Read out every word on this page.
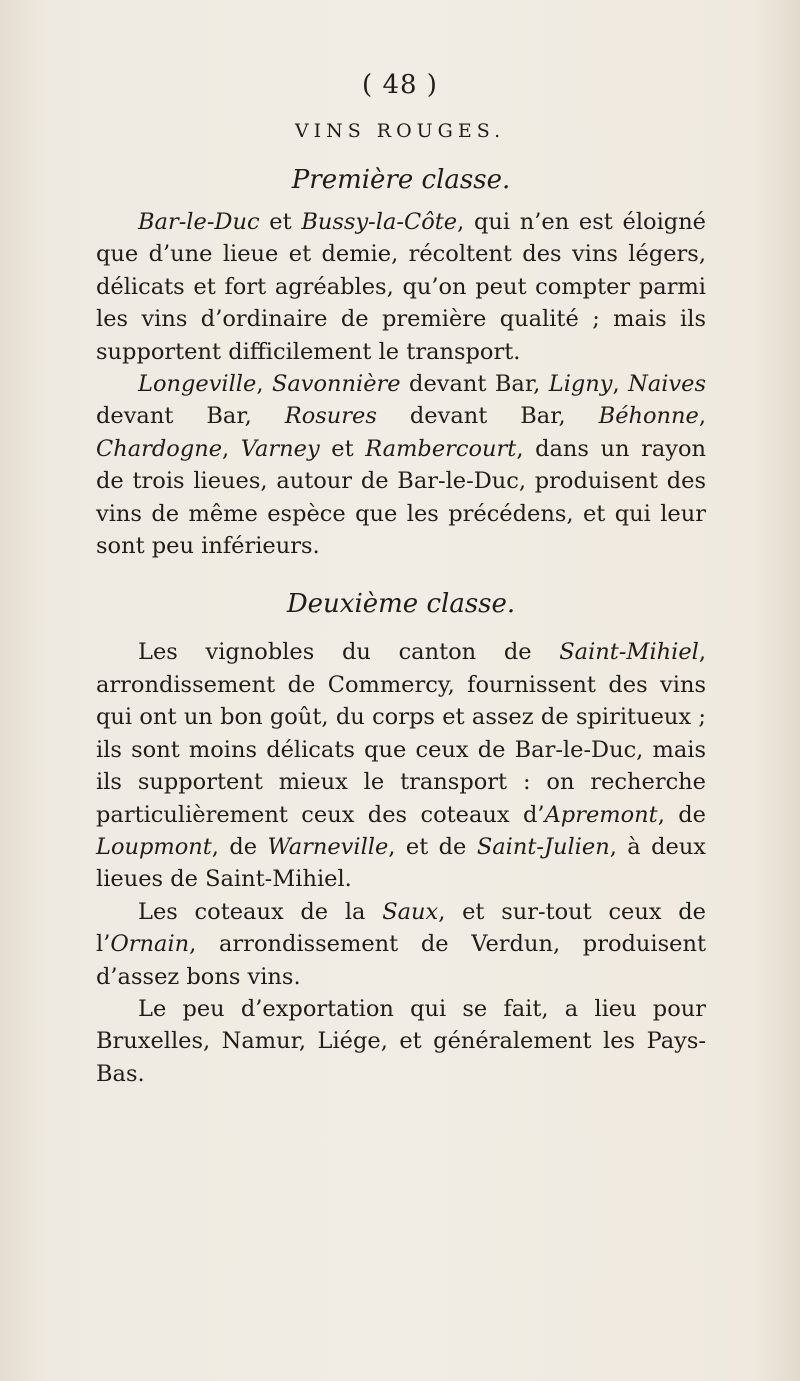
( 48 )
VINS ROUGES.
Première classe.

Bar-le-Duc et Bussy-la-Côte, qui n’en est éloigné que d’une lieue et demie, récoltent des vins légers, délicats et fort agréables, qu’on peut compter parmi les vins d’ordinaire de première qualité ; mais ils supportent difficilement le transport.

Longeville, Savonnière devant Bar, Ligny, Naives devant Bar, Rosures devant Bar, Béhonne, Chardogne, Varney et Rambercourt, dans un rayon de trois lieues, autour de Bar-le-Duc, produisent des vins de même espèce que les précédens, et qui leur sont peu inférieurs.

Deuxième classe.

Les vignobles du canton de Saint-Mihiel, arrondissement de Commercy, fournissent des vins qui ont un bon goût, du corps et assez de spiritueux ; ils sont moins délicats que ceux de Bar-le-Duc, mais ils supportent mieux le transport : on recherche particulièrement ceux des coteaux d’Apremont, de Loupmont, de Warneville, et de Saint-Julien, à deux lieues de Saint-Mihiel.

Les coteaux de la Saux, et sur-tout ceux de l’Ornain, arrondissement de Verdun, produisent d’assez bons vins.

Le peu d’exportation qui se fait, a lieu pour Bruxelles, Namur, Liége, et généralement les Pays-Bas.
